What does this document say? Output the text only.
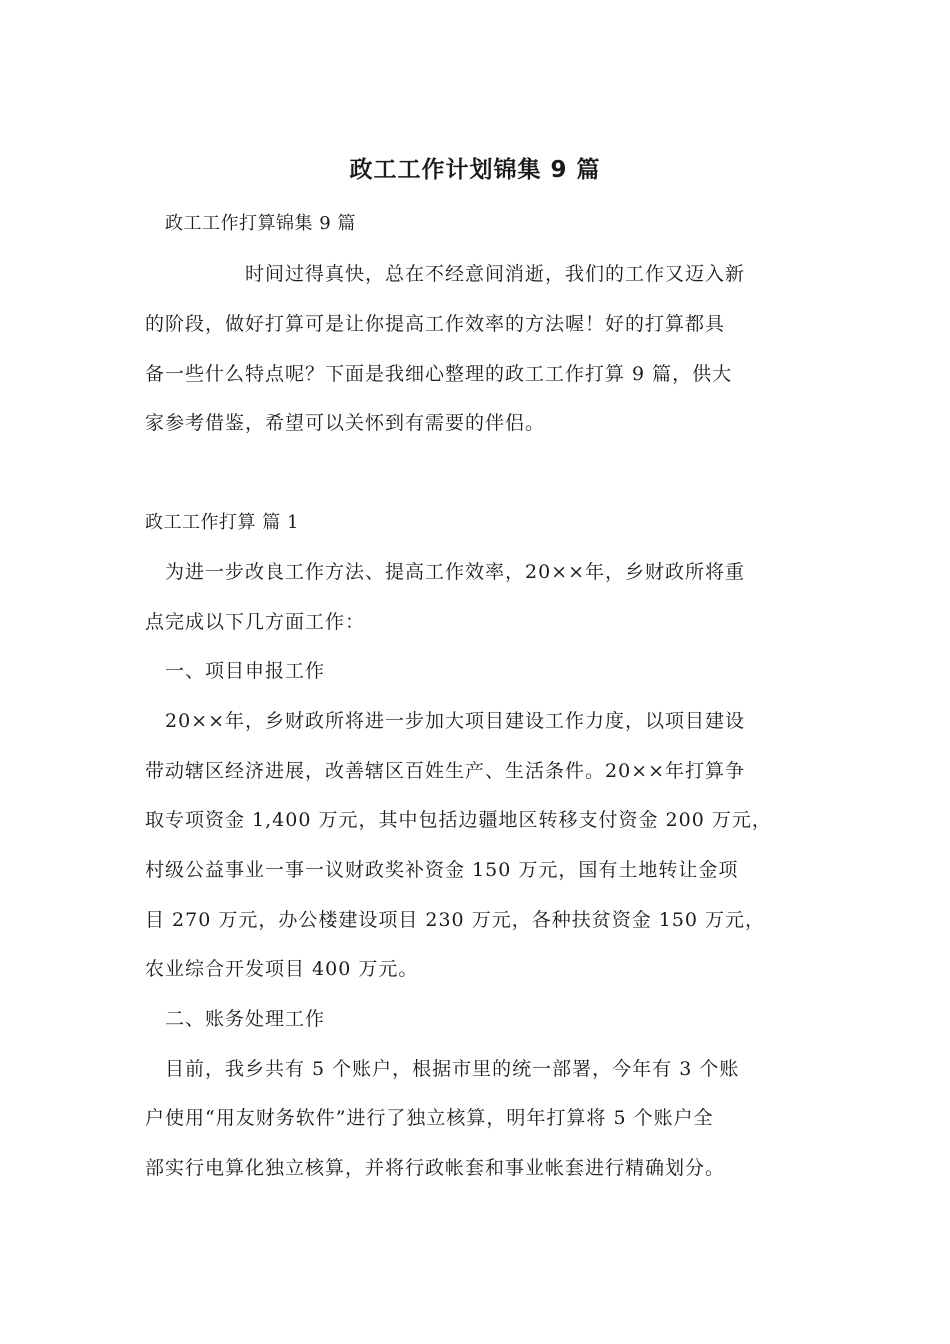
政工工作计划锦集 9 篇
政工工作打算锦集 9 篇
时间过得真快，总在不经意间消逝，我们的工作又迈入新
的阶段，做好打算可是让你提高工作效率的方法喔！好的打算都具
备一些什么特点呢？下面是我细心整理的政工工作打算 9 篇，供大
家参考借鉴，希望可以关怀到有需要的伴侣。
政工工作打算 篇 1
为进一步改良工作方法、提高工作效率，20××年，乡财政所将重
点完成以下几方面工作：
一、项目申报工作
20××年，乡财政所将进一步加大项目建设工作力度，以项目建设
带动辖区经济进展，改善辖区百姓生产、生活条件。20××年打算争
取专项资金 1,400 万元，其中包括边疆地区转移支付资金 200 万元，
村级公益事业一事一议财政奖补资金 150 万元，国有土地转让金项
目 270 万元，办公楼建设项目 230 万元，各种扶贫资金 150 万元，
农业综合开发项目 400 万元。
二、账务处理工作
目前，我乡共有 5 个账户，根据市里的统一部署，今年有 3 个账
户使用“用友财务软件”进行了独立核算，明年打算将 5 个账户全
部实行电算化独立核算，并将行政帐套和事业帐套进行精确划分。
